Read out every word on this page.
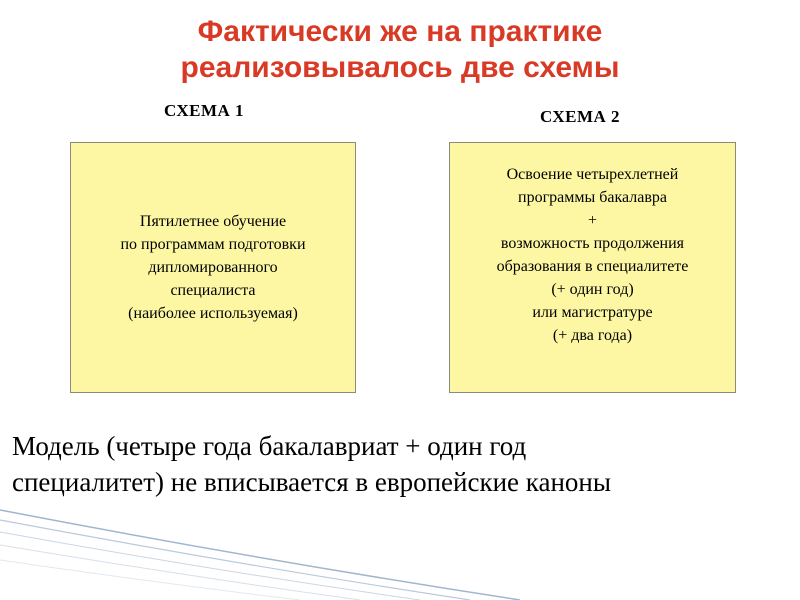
Фактически же на практике
реализовывалось две схемы
СХЕМА 1	СХЕМА 2
Пятилетнее обучение
по программам подготовки
дипломированного
специалиста
(наиболее используемая)
Освоение четырехлетней
программы бакалавра
+
возможность продолжения
образования в специалитете
(+ один год)
или магистратуре
(+ два года)
Модель (четыре года бакалавриат + один год
специалитет) не вписывается в европейские каноны
